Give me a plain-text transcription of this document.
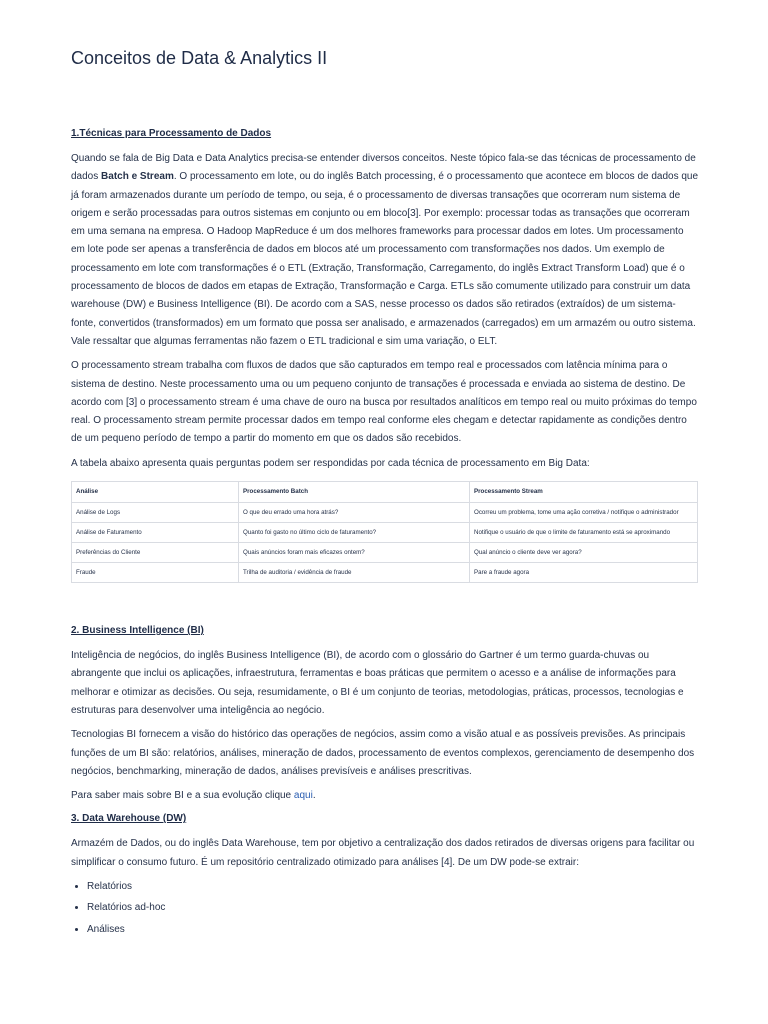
Conceitos de Data & Analytics II
1.Técnicas para Processamento de Dados

Quando se fala de Big Data e Data Analytics precisa-se entender diversos conceitos. Neste tópico fala-se das técnicas de processamento de dados Batch e Stream. O processamento em lote, ou do inglês Batch processing, é o processamento que acontece em blocos de dados que já foram armazenados durante um período de tempo, ou seja, é o processamento de diversas transações que ocorreram num sistema de origem e serão processadas para outros sistemas em conjunto ou em bloco[3]. Por exemplo: processar todas as transações que ocorreram em uma semana na empresa. O Hadoop MapReduce é um dos melhores frameworks para processar dados em lotes. Um processamento em lote pode ser apenas a transferência de dados em blocos até um processamento com transformações nos dados. Um exemplo de processamento em lote com transformações é o ETL (Extração, Transformação, Carregamento, do inglês Extract Transform Load) que é o processamento de blocos de dados em etapas de Extração, Transformação e Carga. ETLs são comumente utilizado para construir um data warehouse (DW) e Business Intelligence (BI). De acordo com a SAS, nesse processo os dados são retirados (extraídos) de um sistema-fonte, convertidos (transformados) em um formato que possa ser analisado, e armazenados (carregados) em um armazém ou outro sistema. Vale ressaltar que algumas ferramentas não fazem o ETL tradicional e sim uma variação, o ELT.

O processamento stream trabalha com fluxos de dados que são capturados em tempo real e processados com latência mínima para o sistema de destino. Neste processamento uma ou um pequeno conjunto de transações é processada e enviada ao sistema de destino. De acordo com [3] o processamento stream é uma chave de ouro na busca por resultados analíticos em tempo real ou muito próximas do tempo real. O processamento stream permite processar dados em tempo real conforme eles chegam e detectar rapidamente as condições dentro de um pequeno período de tempo a partir do momento em que os dados são recebidos.

A tabela abaixo apresenta quais perguntas podem ser respondidas por cada técnica de processamento em Big Data:

Análise	Processamento Batch	Processamento Stream
Análise de Logs	O que deu errado uma hora atrás?	Ocorreu um problema, tome uma ação corretiva / notifique o administrador
Análise de Faturamento	Quanto foi gasto no último ciclo de faturamento?	Notifique o usuário de que o limite de faturamento está se aproximando
Preferências do Cliente	Quais anúncios foram mais eficazes ontem?	Qual anúncio o cliente deve ver agora?
Fraude	Trilha de auditoria / evidência de fraude	Pare a fraude agora
2. Business Intelligence (BI)

Inteligência de negócios, do inglês Business Intelligence (BI), de acordo com o glossário do Gartner é um termo guarda-chuvas ou abrangente que inclui os aplicações, infraestrutura, ferramentas e boas práticas que permitem o acesso e a análise de informações para melhorar e otimizar as decisões. Ou seja, resumidamente, o BI é um conjunto de teorias, metodologias, práticas, processos, tecnologias e estruturas para desenvolver uma inteligência ao negócio.

Tecnologias BI fornecem a visão do histórico das operações de negócios, assim como a visão atual e as possíveis previsões. As principais funções de um BI são: relatórios, análises, mineração de dados, processamento de eventos complexos, gerenciamento de desempenho dos negócios, benchmarking, mineração de dados, análises previsíveis e análises prescritivas.

Para saber mais sobre BI e a sua evolução clique aqui.

3. Data Warehouse (DW)

Armazém de Dados, ou do inglês Data Warehouse, tem por objetivo a centralização dos dados retirados de diversas origens para facilitar ou simplificar o consumo futuro. É um repositório centralizado otimizado para análises [4]. De um DW pode-se extrair:

• Relatórios
• Relatórios ad-hoc
• Análises
